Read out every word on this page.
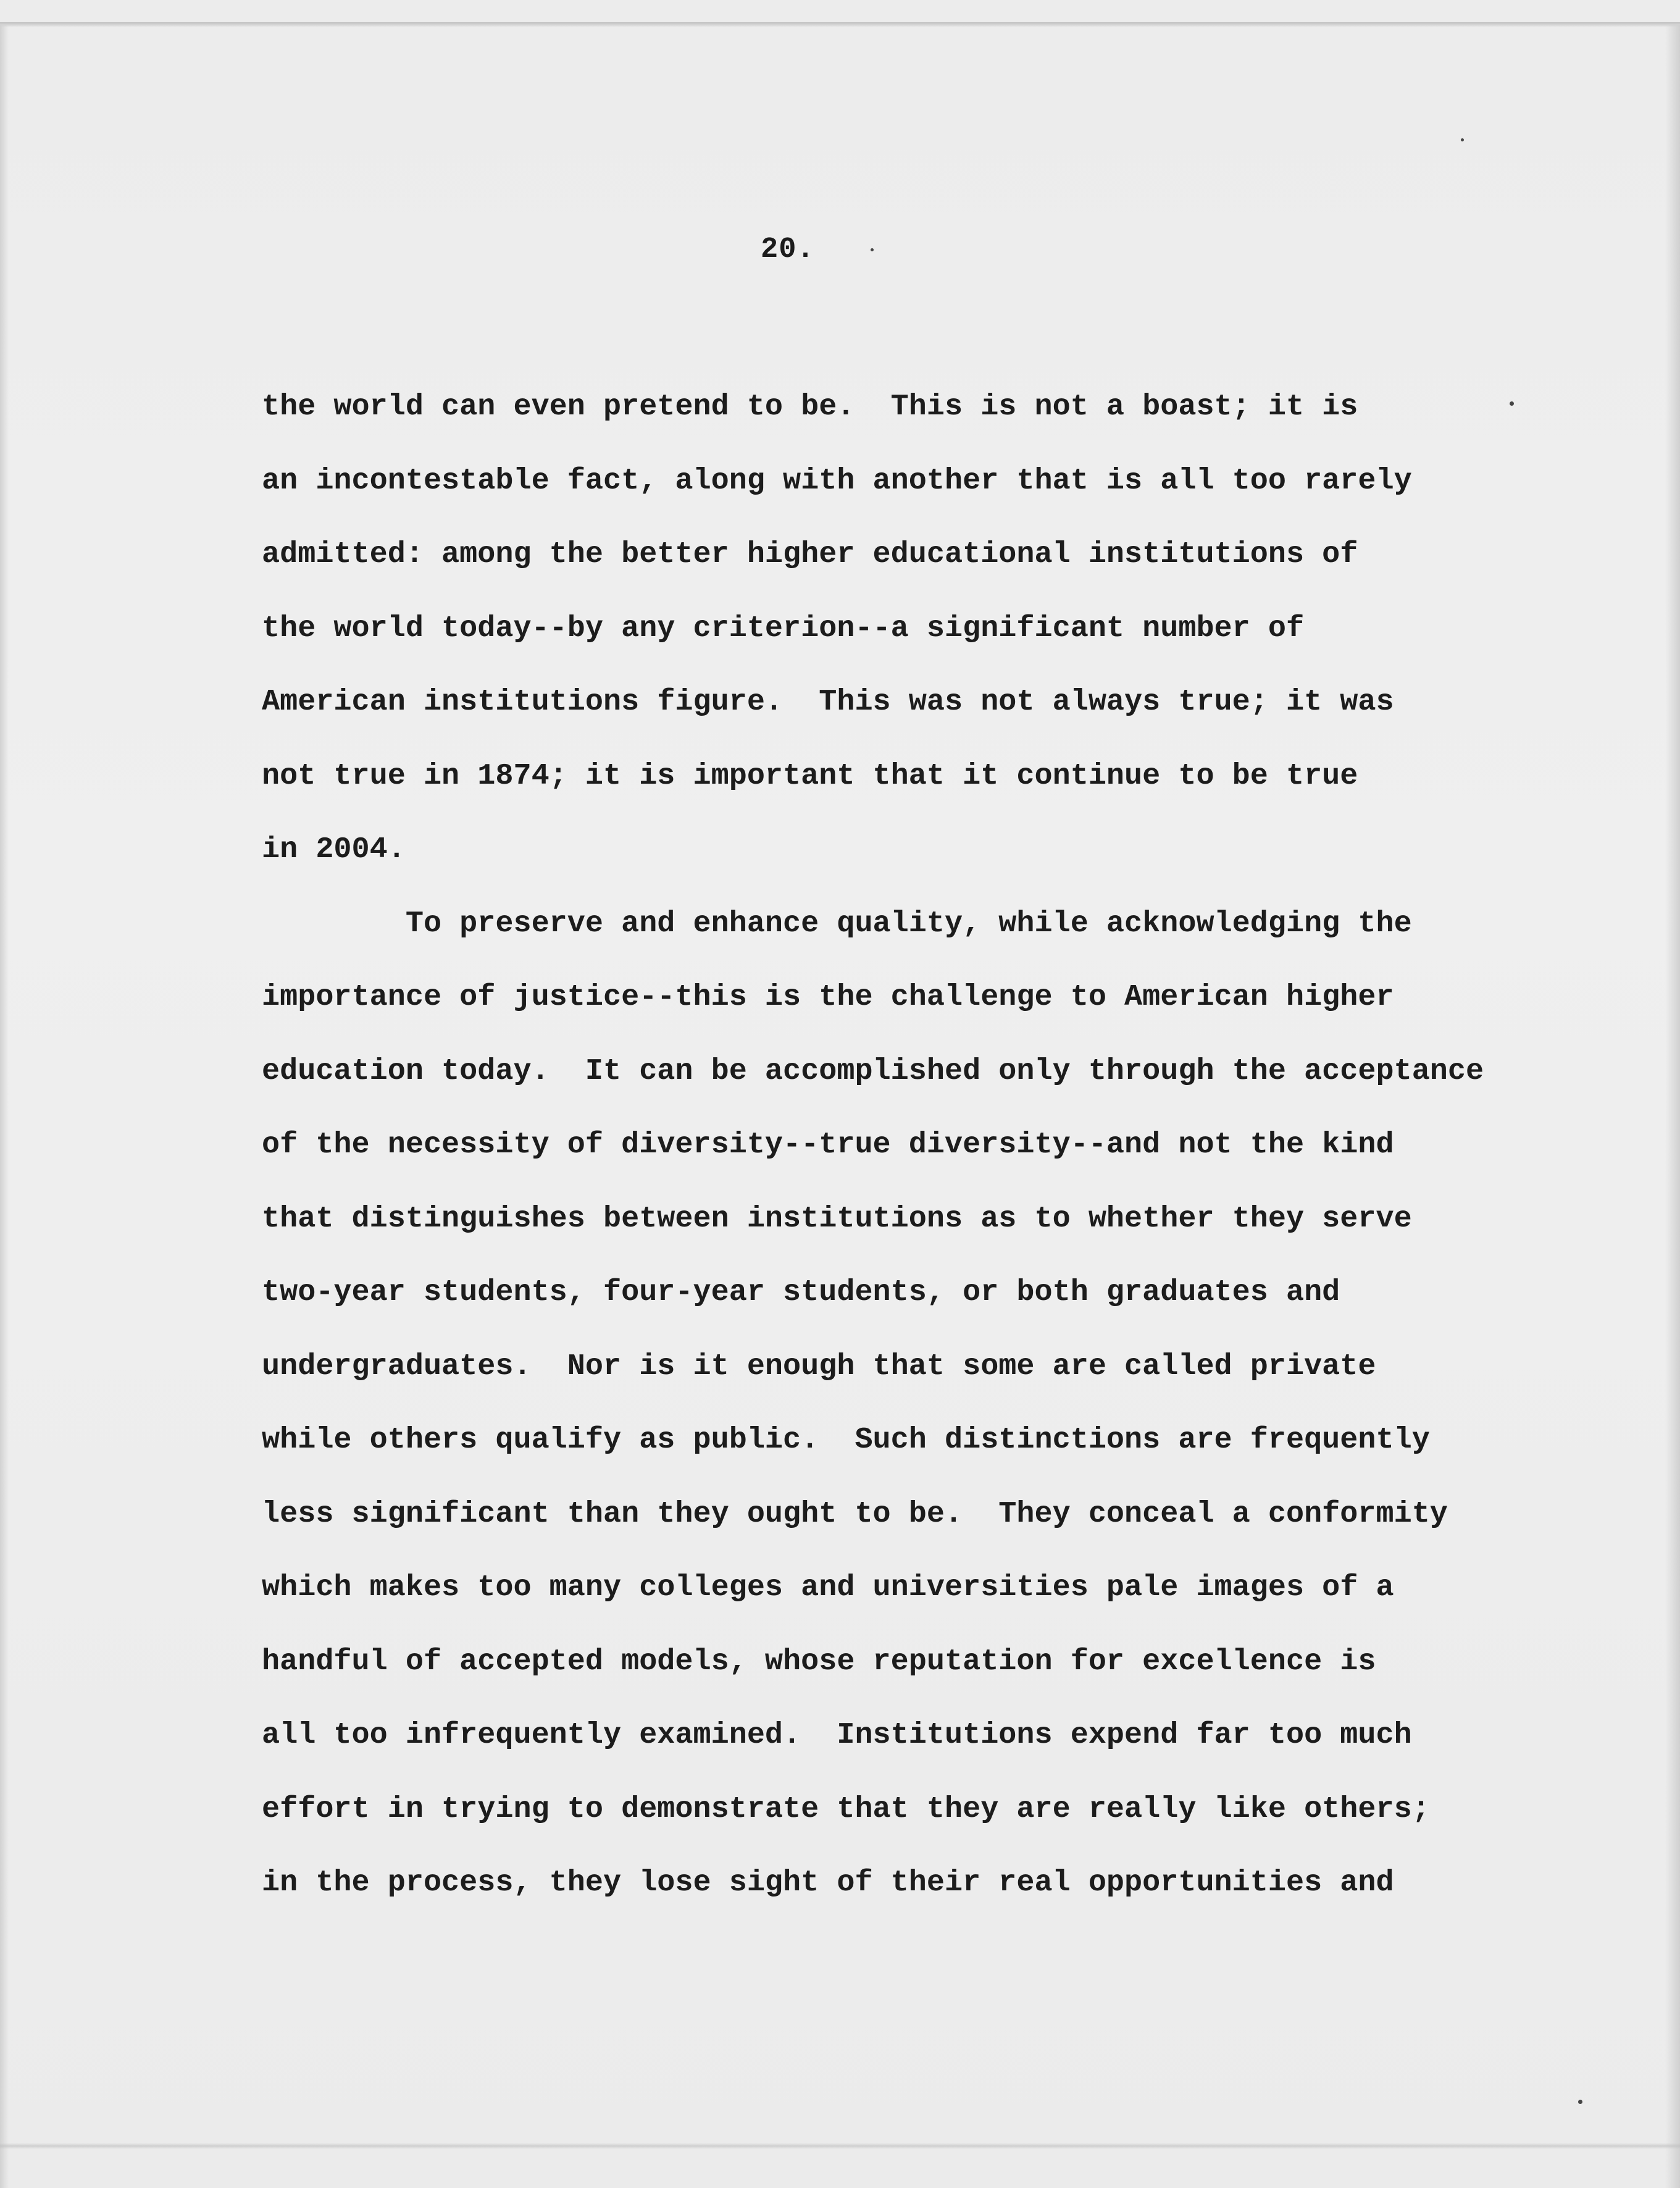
20.
the world can even pretend to be.  This is not a boast; it is
an incontestable fact, along with another that is all too rarely
admitted: among the better higher educational institutions of
the world today--by any criterion--a significant number of
American institutions figure.  This was not always true; it was
not true in 1874; it is important that it continue to be true
in 2004.
To preserve and enhance quality, while acknowledging the
importance of justice--this is the challenge to American higher
education today.  It can be accomplished only through the acceptance
of the necessity of diversity--true diversity--and not the kind
that distinguishes between institutions as to whether they serve
two-year students, four-year students, or both graduates and
undergraduates.  Nor is it enough that some are called private
while others qualify as public.  Such distinctions are frequently
less significant than they ought to be.  They conceal a conformity
which makes too many colleges and universities pale images of a
handful of accepted models, whose reputation for excellence is
all too infrequently examined.  Institutions expend far too much
effort in trying to demonstrate that they are really like others;
in the process, they lose sight of their real opportunities and
